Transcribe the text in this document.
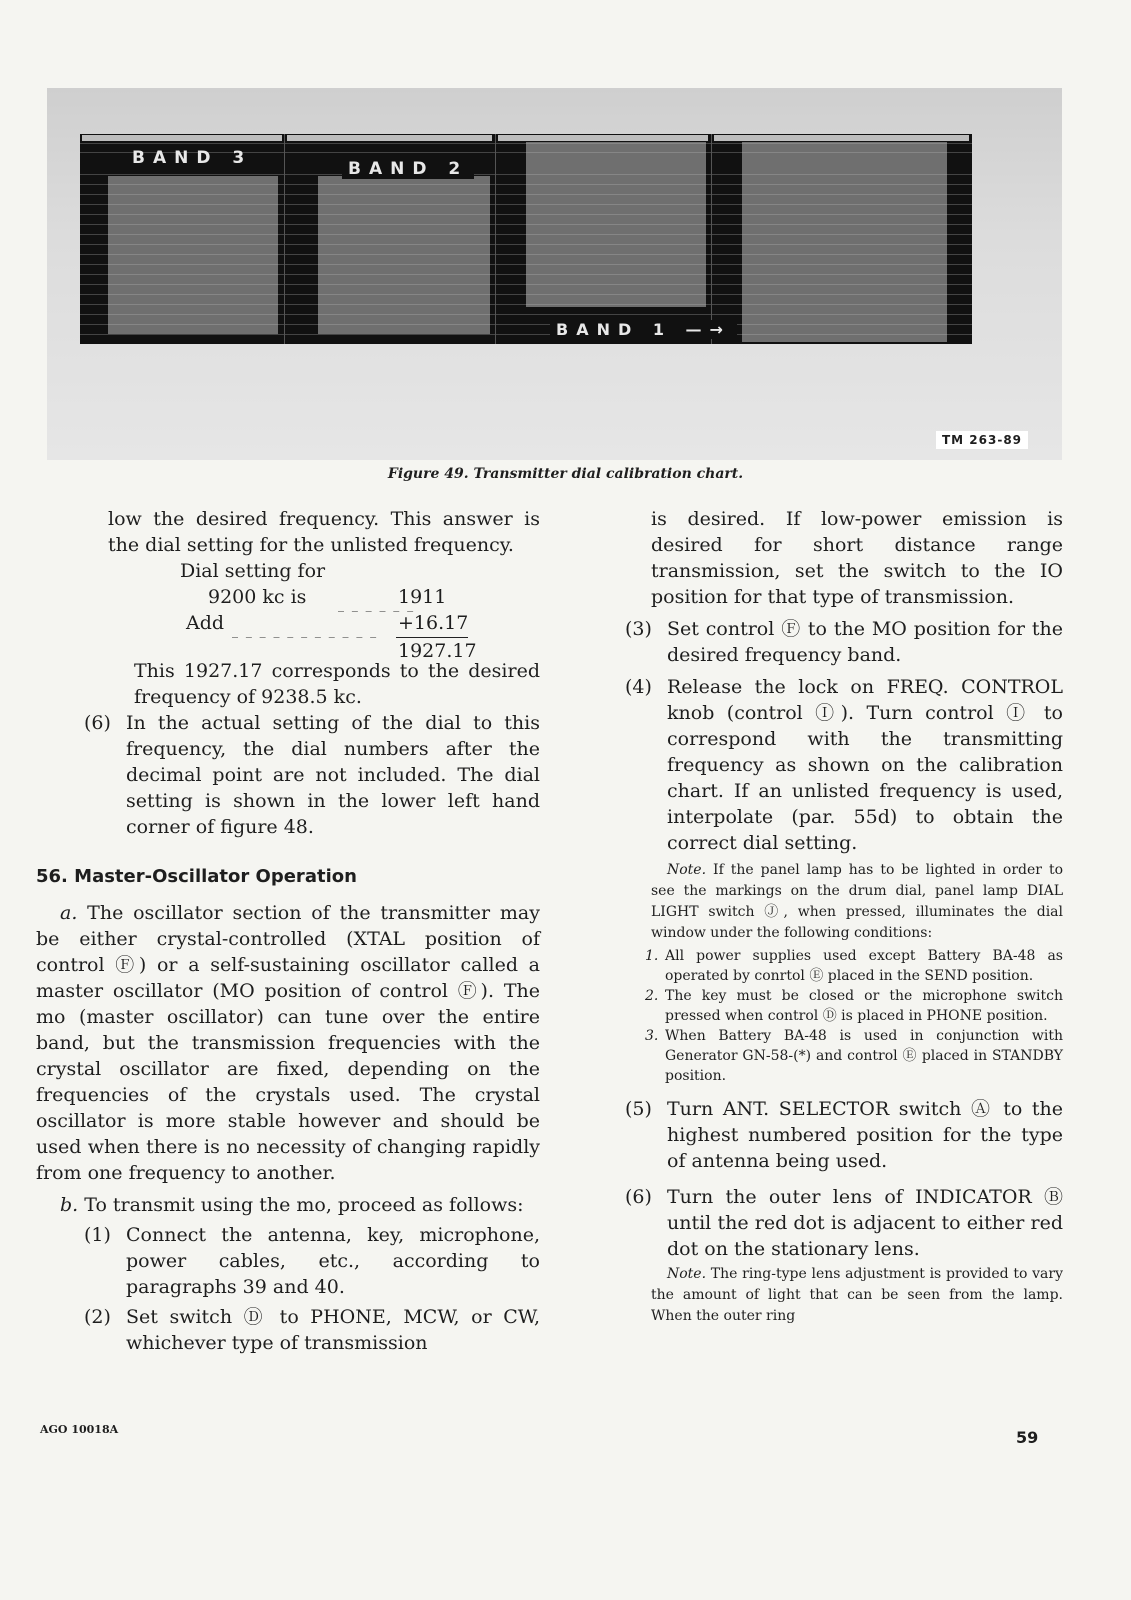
BAND 3
BAND 2
BAND 1 —→
TM 263-89
Figure 49. Transmitter dial calibration chart.

low the desired frequency. This answer is the dial setting for the unlisted frequency.

Dial setting for
9200 kc is	_ _ _ _ _ _
1911
Add _ _ _ _ _ _ _ _ _ _ _ +16.17
1927.17

This 1927.17 corresponds to the desired frequency of 9238.5 kc.

(6) In the actual setting of the dial to this frequency, the dial numbers after the decimal point are not included. The dial setting is shown in the lower left hand corner of figure 48.

56. Master-Oscillator Operation

a. The oscillator section of the transmitter may be either crystal-controlled (XTAL position of control Ⓕ) or a self-sustaining oscillator called a master oscillator (MO position of control Ⓕ). The mo (master oscillator) can tune over the entire band, but the transmission frequencies with the crystal oscillator are fixed, depending on the frequencies of the crystals used. The crystal oscillator is more stable however and should be used when there is no necessity of changing rapidly from one frequency to another.

b. To transmit using the mo, proceed as follows:

(1) Connect the antenna, key, microphone, power cables, etc., according to paragraphs 39 and 40.
(2) Set switch Ⓓ to PHONE, MCW, or CW, whichever type of transmission

is desired. If low-power emission is desired for short distance range transmission, set the switch to the IO position for that type of transmission.

(3) Set control Ⓕ to the MO position for the desired frequency band.
(4) Release the lock on FREQ. CONTROL knob (control Ⓘ). Turn control Ⓘ to correspond with the transmitting frequency as shown on the calibration chart. If an unlisted frequency is used, interpolate (par. 55d) to obtain the correct dial setting.

Note. If the panel lamp has to be lighted in order to see the markings on the drum dial, panel lamp DIAL LIGHT switch Ⓙ, when pressed, illuminates the dial window under the following conditions:

1. All power supplies used except Battery BA-48 as operated by conrtol Ⓔ placed in the SEND position.
2. The key must be closed or the microphone switch pressed when control Ⓓ is placed in PHONE position.
3. When Battery BA-48 is used in conjunction with Generator GN-58-(*) and control Ⓔ placed in STANDBY position.
(5) Turn ANT. SELECTOR switch Ⓐ to the highest numbered position for the type of antenna being used.
(6) Turn the outer lens of INDICATOR Ⓑ until the red dot is adjacent to either red dot on the stationary lens.

Note. The ring-type lens adjustment is provided to vary the amount of light that can be seen from the lamp. When the outer ring

AGO 10018A	59
